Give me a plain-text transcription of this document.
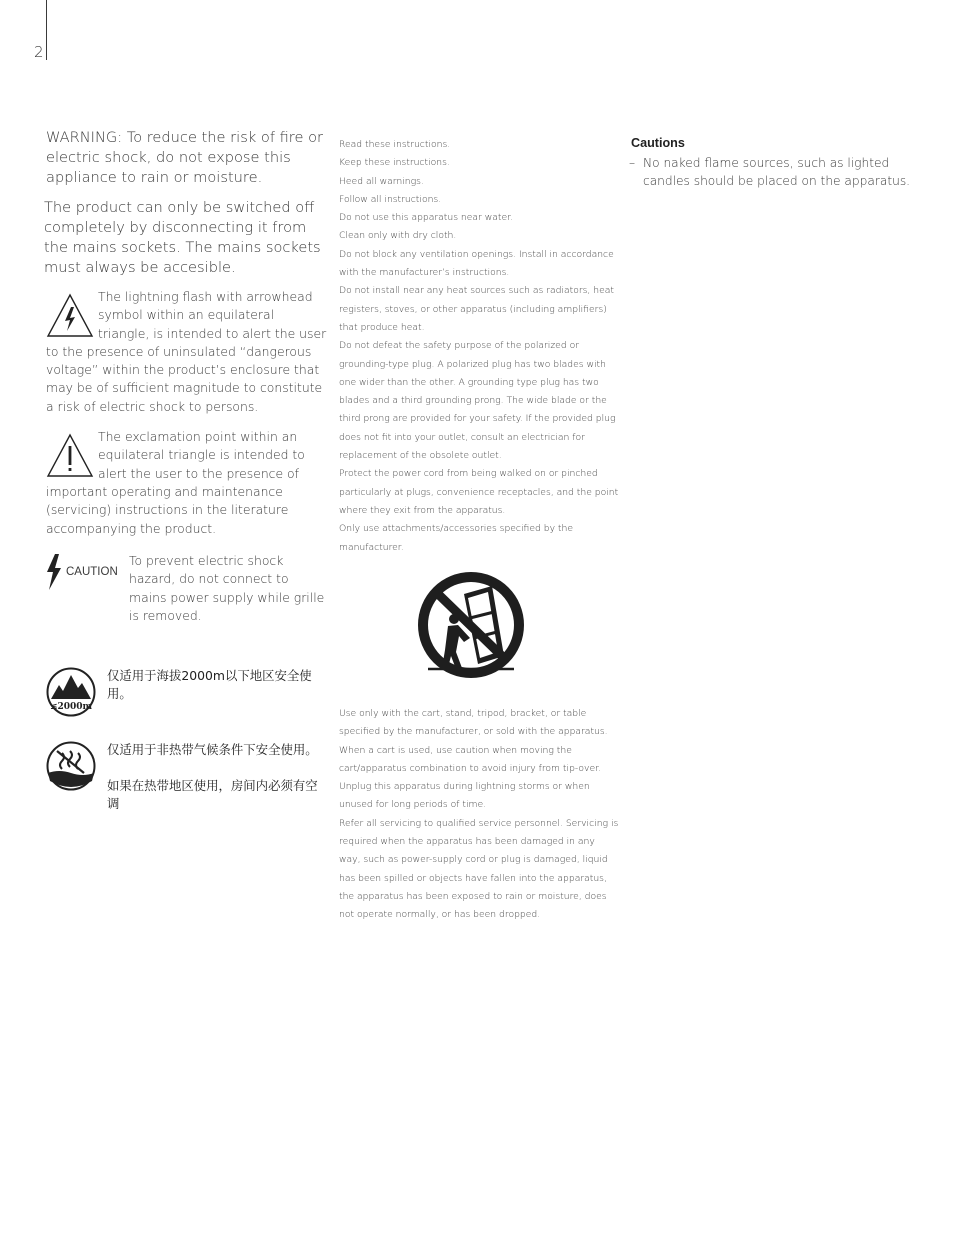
2

WARNING: To reduce the risk of fire or electric shock, do not expose this appliance to rain or moisture.

The product can only be switched off completely by disconnecting it from the mains sockets. The mains sockets must always be accesible.

The lightning flash with arrowhead symbol within an equilateral triangle, is intended to alert the user to the presence of uninsulated “dangerous voltage” within the product’s enclosure that may be of sufficient magnitude to constitute a risk of electric shock to persons.
The exclamation point within an equilateral triangle is intended to alert the user to the presence of important operating and maintenance (servicing) instructions in the literature accompanying the product.
CAUTION
To prevent electric shock hazard, do not connect to mains power supply while grille is removed.
≤2000m
仅适用于海拔2000m以下地区安全使用。
仅适用于非热带气候条件下安全使用。
如果在热带地区使用，房间内必须有空调

Read these instructions.

Keep these instructions.

Heed all warnings.

Follow all instructions.

Do not use this apparatus near water.

Clean only with dry cloth.

Do not block any ventilation openings. Install in accordance with the manufacturer’s instructions.

Do not install near any heat sources such as radiators, heat registers, stoves, or other apparatus (including amplifiers) that produce heat.

Do not defeat the safety purpose of the polarized or grounding-type plug. A polarized plug has two blades with one wider than the other. A grounding type plug has two blades and a third grounding prong. The wide blade or the third prong are provided for your safety. If the provided plug does not fit into your outlet, consult an electrician for replacement of the obsolete outlet.

Protect the power cord from being walked on or pinched particularly at plugs, convenience receptacles, and the point where they exit from the apparatus.

Only use attachments/accessories specified by the manufacturer.

Use only with the cart, stand, tripod, bracket, or table specified by the manufacturer, or sold with the apparatus. When a cart is used, use caution when moving the cart/apparatus combination to avoid injury from tip-over.

Unplug this apparatus during lightning storms or when unused for long periods of time.

Refer all servicing to qualified service personnel. Servicing is required when the apparatus has been damaged in any way, such as power-supply cord or plug is damaged, liquid has been spilled or objects have fallen into the apparatus, the apparatus has been exposed to rain or moisture, does not operate normally, or has been dropped.

Cautions
– No naked flame sources, such as lighted candles should be placed on the apparatus.
